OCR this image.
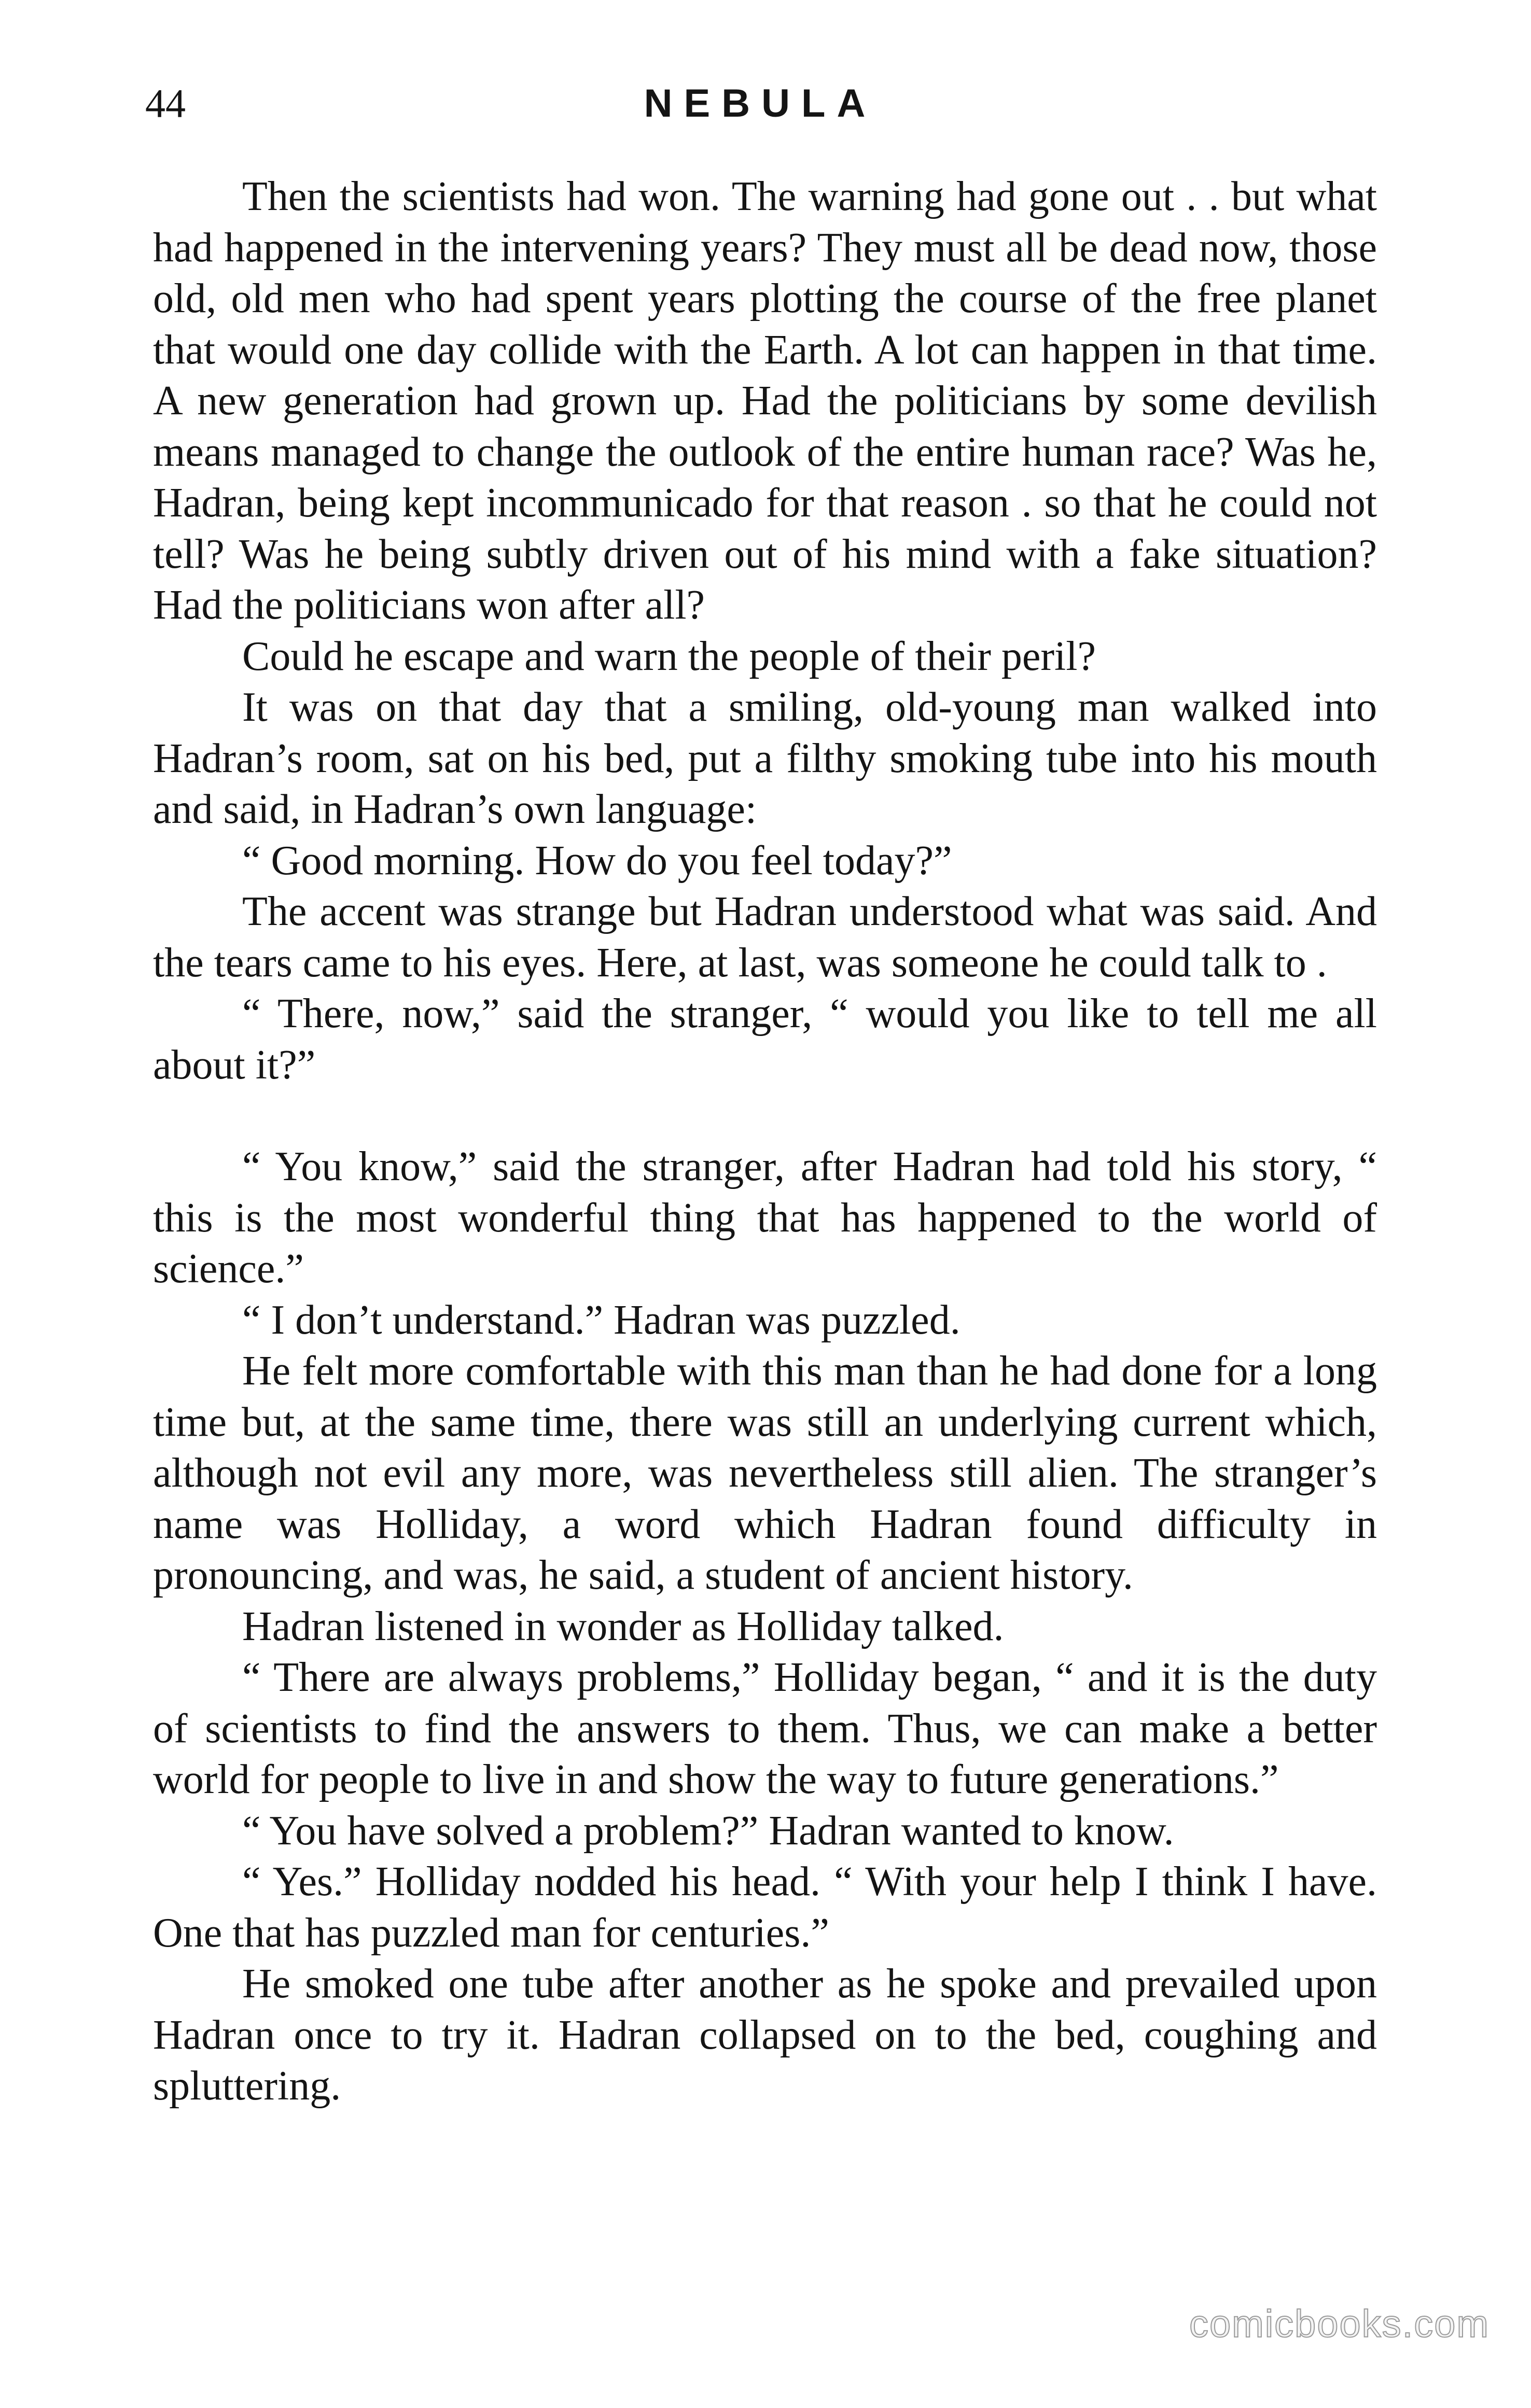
44	NEBULA

Then the scientists had won. The warning had gone out . . but what had happened in the intervening years? They must all be dead now, those old, old men who had spent years plotting the course of the free planet that would one day collide with the Earth. A lot can happen in that time. A new generation had grown up. Had the politicians by some devilish means managed to change the outlook of the entire human race? Was he, Hadran, being kept incommunicado for that reason . so that he could not tell? Was he being subtly driven out of his mind with a fake situation? Had the politicians won after all?

Could he escape and warn the people of their peril?

It was on that day that a smiling, old-young man walked into Hadran’s room, sat on his bed, put a filthy smoking tube into his mouth and said, in Hadran’s own language:

“ Good morning. How do you feel today?”

The accent was strange but Hadran understood what was said. And the tears came to his eyes. Here, at last, was someone he could talk to .

“ There, now,” said the stranger, “ would you like to tell me all about it?”

“ You know,” said the stranger, after Hadran had told his story, “ this is the most wonderful thing that has happened to the world of science.”

“ I don’t understand.” Hadran was puzzled.

He felt more comfortable with this man than he had done for a long time but, at the same time, there was still an underlying current which, although not evil any more, was nevertheless still alien. The stranger’s name was Holliday, a word which Hadran found difficulty in pronouncing, and was, he said, a student of ancient history.

Hadran listened in wonder as Holliday talked.

“ There are always problems,” Holliday began, “ and it is the duty of scientists to find the answers to them. Thus, we can make a better world for people to live in and show the way to future generations.”

“ You have solved a problem?” Hadran wanted to know.

“ Yes.” Holliday nodded his head. “ With your help I think I have. One that has puzzled man for centuries.”

He smoked one tube after another as he spoke and prevailed upon Hadran once to try it. Hadran collapsed on to the bed, coughing and spluttering.

comicbooks.com
